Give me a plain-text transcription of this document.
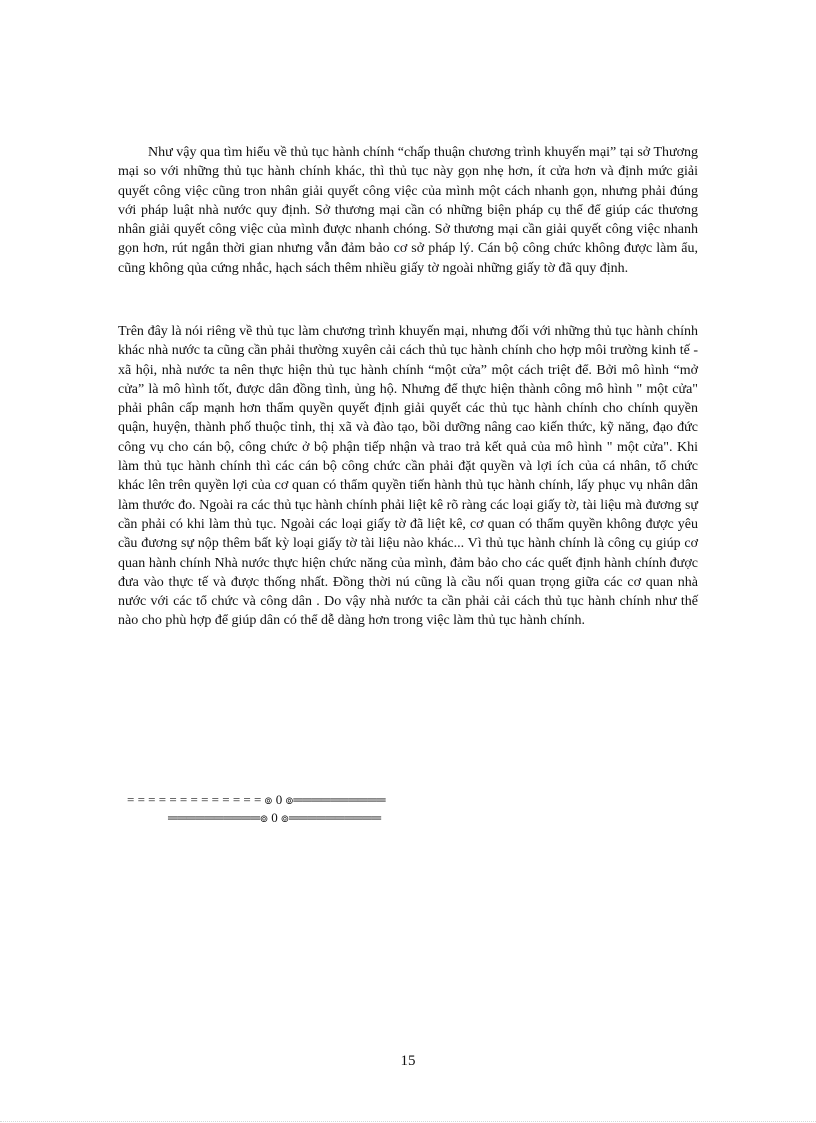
Như vậy qua tìm hiểu về thủ tục hành chính “chấp thuận chương trình khuyến mại” tại sở Thương mại so với những thủ tục hành chính khác, thì thủ tục này gọn nhẹ hơn, ít cửa hơn và định mức giải quyết công việc cũng tron nhân giải quyết công việc của mình một cách nhanh gọn, nhưng phải đúng với pháp luật nhà nước quy định. Sở thương mại cần có những biện pháp cụ thể để giúp các thương nhân giải quyết công việc của mình được nhanh chóng. Sở thương mại cần giải quyết công việc nhanh gọn hơn, rút ngắn thời gian nhưng vẫn đảm bảo cơ sở pháp lý. Cán bộ công chức không được làm ẩu, cũng không qủa cứng nhắc, hạch sách thêm nhiều giấy tờ ngoài những giấy tờ đã quy định.

Trên đây là nói riêng về thủ tục làm chương trình khuyến mại, nhưng đối với những thủ tục hành chính khác nhà nước ta cũng cần phải thường xuyên cải cách thủ tục hành chính cho hợp môi trường kinh tế - xã hội, nhà nước ta nên thực hiện thủ tục hành chính “một cửa” một cách triệt để. Bởi mô hình “mở cửa” là mô hình tốt, được dân đồng tình, ủng hộ. Nhưng để thực hiện thành công mô hình " một cửa" phải phân cấp mạnh hơn thẩm quyền quyết định giải quyết các thủ tục hành chính cho chính quyền quận, huyện, thành phố thuộc tỉnh, thị xã và đào tạo, bồi dưỡng nâng cao kiến thức, kỹ năng, đạo đức công vụ cho cán bộ, công chức ở bộ phận tiếp nhận và trao trả kết quả của mô hình " một cửa". Khi làm thủ tục hành chính thì các cán bộ công chức cần phải đặt quyền và lợi ích của cá nhân, tổ chức khác lên trên quyền lợi của cơ quan có thẩm quyền tiến hành thủ tục hành chính, lấy phục vụ nhân dân làm thước đo. Ngoài ra các thủ tục hành chính phải liệt kê rõ ràng các loại giấy tờ, tài liệu mà đương sự cần phải có khi làm thủ tục. Ngoài các loại giấy tờ đã liệt kê, cơ quan có thẩm quyền không được yêu cầu đương sự nộp thêm bất kỳ loại giấy tờ tài liệu nào khác... Vì thủ tục hành chính là công cụ giúp cơ quan hành chính Nhà nước thực hiện chức năng của mình, đảm bảo cho các quết định hành chính được đưa vào thực tế và được thống nhất. Đồng thời nú cũng là cầu nối quan trọng giữa các cơ quan nhà nước với các tổ chức và công dân . Do vậy nhà nước ta cần phải cải cách thủ tục hành chính như thế nào cho phù hợp để giúp dân có thể dễ dàng hơn trong việc làm thủ tục hành chính.

= = = = = = = = = = = = = ๏ 0 ๏══════════
══════════๏ 0 ๏══════════
15
